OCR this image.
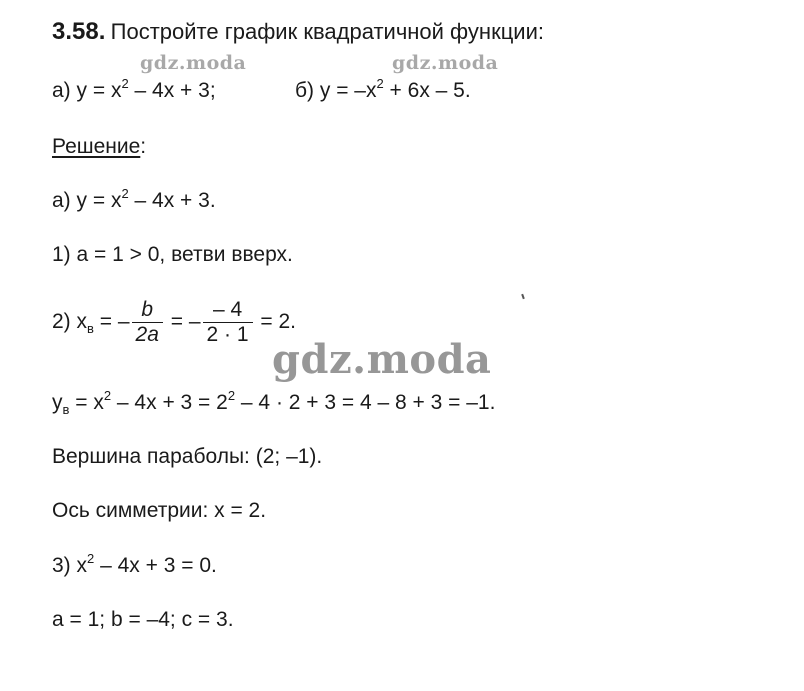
3.58. Постройте график квадратичной функции:
gdz.moda	gdz.moda
а) $y = x^2 - 4x + 3$;	б) $y = -x^2 + 6x - 5$.
Решение:
а) $y = x^2 - 4x + 3$.
1) a = 1 > 0, ветви вверх.
2) $x_в$ = – $\frac{b}{2a}$ = – $\frac{- 4}{2 \cdot 1} = 2$.
gdz.moda
$y_в = x^2 - 4x + 3 = 2^2 - 4 \cdot 2 + 3 = 4 - 8 + 3 = -1$.
Вершина параболы: (2; –1).
Ось симметрии: x = 2.
3) $x^2 - 4x + 3 = 0$.
a = 1; b = –4; c = 3.
